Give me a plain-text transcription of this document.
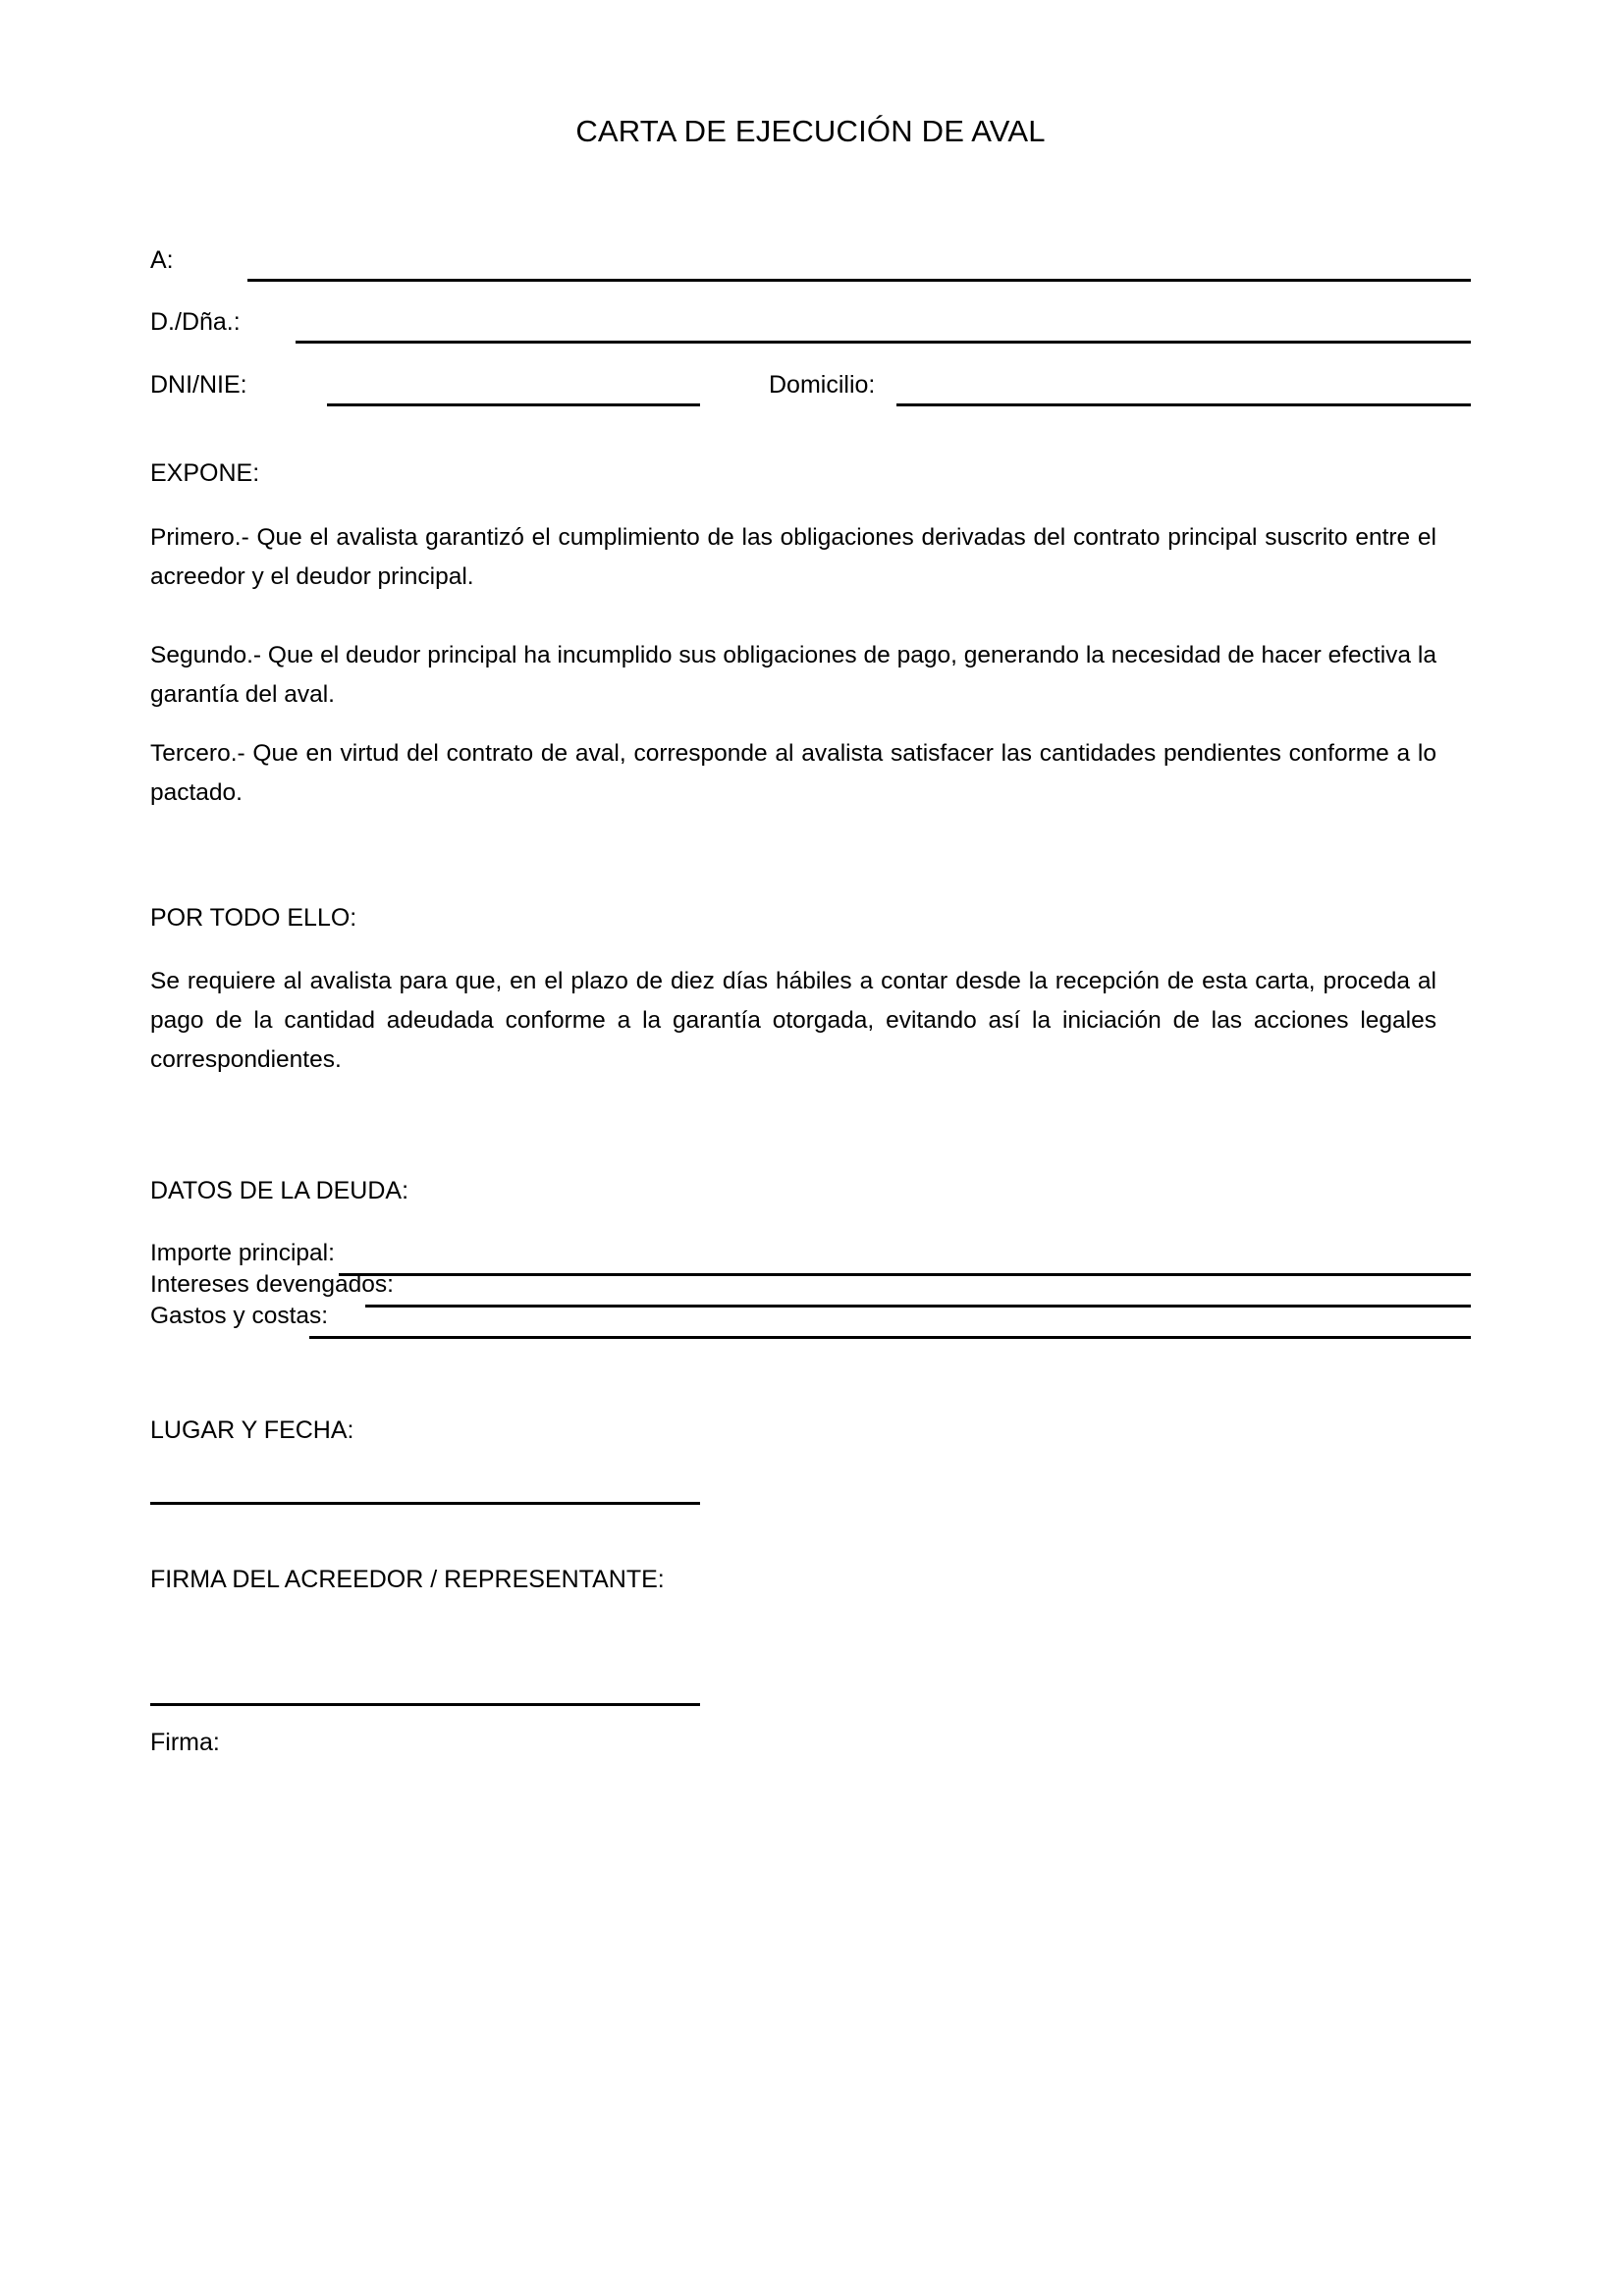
CARTA DE EJECUCIÓN DE AVAL
A:
D./Dña.:
DNI/NIE:	Domicilio:
EXPONE:
Primero.- Que el avalista garantizó el cumplimiento de las obligaciones derivadas del contrato principal suscrito entre el acreedor y el deudor principal.
Segundo.- Que el deudor principal ha incumplido sus obligaciones de pago, generando la necesidad de hacer efectiva la garantía del aval.
Tercero.- Que en virtud del contrato de aval, corresponde al avalista satisfacer las cantidades pendientes conforme a lo pactado.
POR TODO ELLO:
Se requiere al avalista para que, en el plazo de diez días hábiles a contar desde la recepción de esta carta, proceda al pago de la cantidad adeudada conforme a la garantía otorgada, evitando así la iniciación de las acciones legales correspondientes.
DATOS DE LA DEUDA:
Importe principal:
Intereses devengados:
Gastos y costas:
LUGAR Y FECHA:
FIRMA DEL ACREEDOR / REPRESENTANTE:
Firma:
